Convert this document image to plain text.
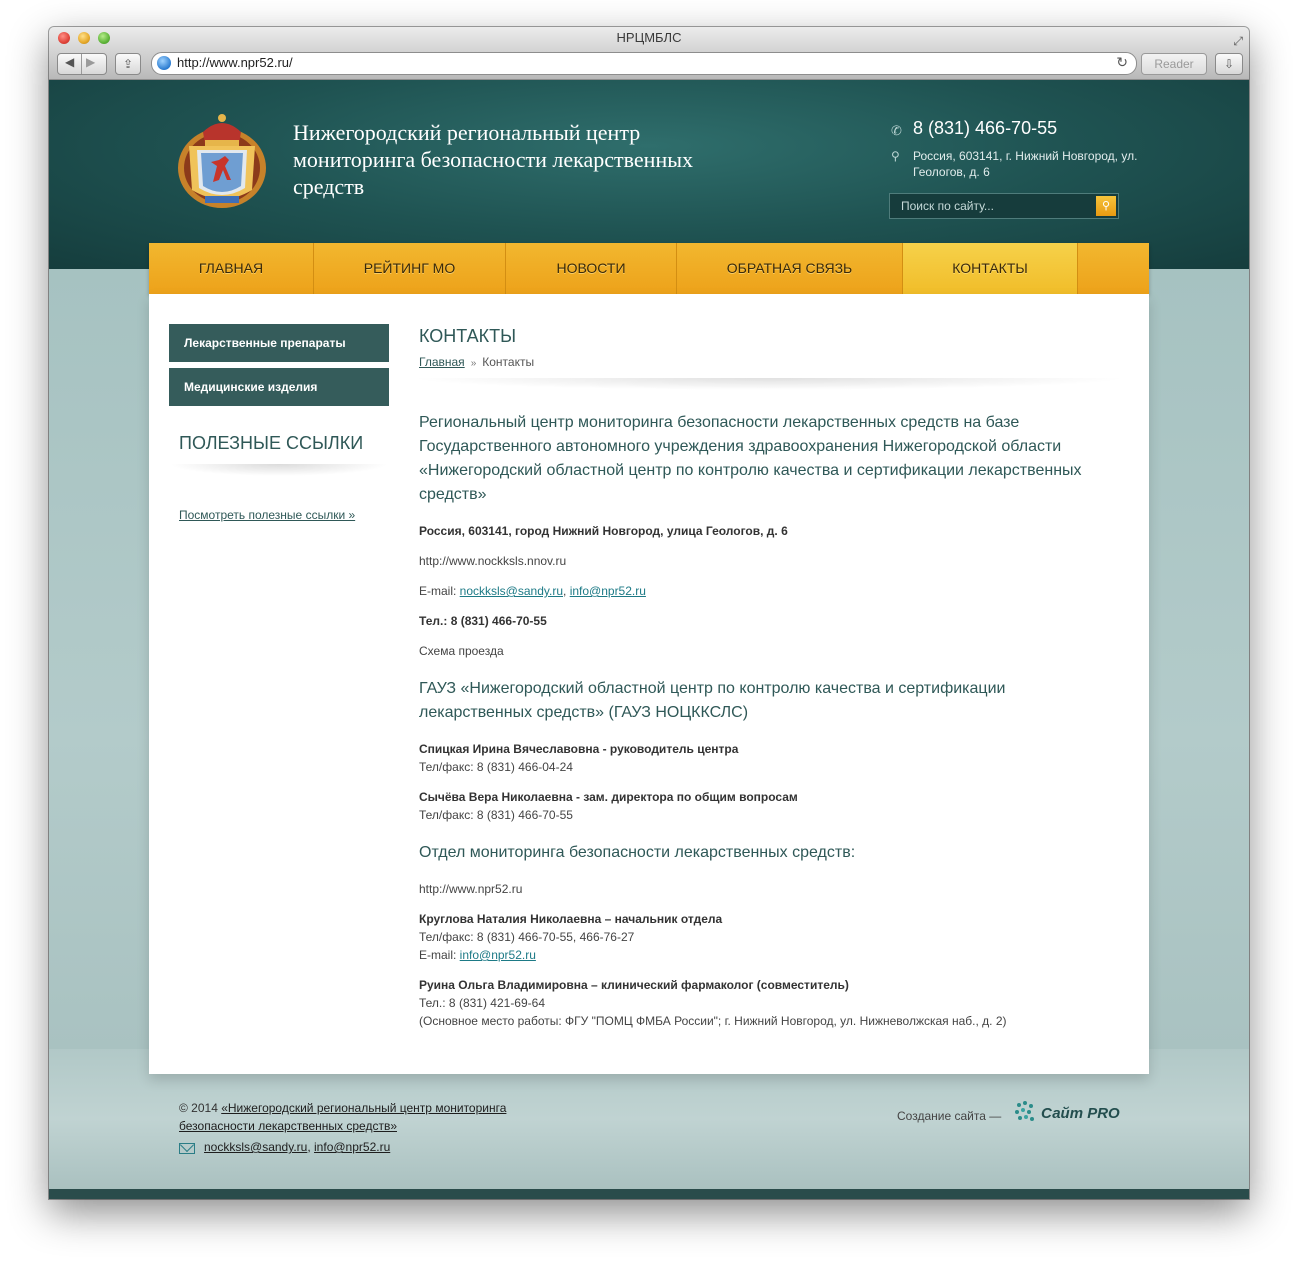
НРЦМБЛС	⤢
◀ ▶	⇪	http://www.npr52.ru/	↻	Reader	⇩
Нижегородский региональный центр мониторинга безопасности лекарственных средств
✆ 8 (831) 466-70-55
⚲ Россия, 603141, г. Нижний Новгород, ул. Геологов, д. 6
Поиск по сайту...
⚲
ГЛАВНАЯ	РЕЙТИНГ МО	НОВОСТИ	ОБРАТНАЯ СВЯЗЬ	КОНТАКТЫ
Лекарственные препараты
Медицинские изделия
ПОЛЕЗНЫЕ ССЫЛКИ
Посмотреть полезные ссылки »
КОНТАКТЫ
Главная » Контакты
Региональный центр мониторинга безопасности лекарственных средств на базе Государственного автономного учреждения здравоохранения Нижегородской области «Нижегородский областной центр по контролю качества и сертификации лекарственных средств»
Россия, 603141, город Нижний Новгород, улица Геологов, д. 6
http://www.nockksls.nnov.ru
E-mail: nockksls@sandy.ru, info@npr52.ru
Тел.: 8 (831) 466-70-55
Схема проезда
ГАУЗ «Нижегородский областной центр по контролю качества и сертификации лекарственных средств» (ГАУЗ НОЦККСЛС)
Спицкая Ирина Вячеславовна - руководитель центра
Тел/факс: 8 (831) 466-04-24
Сычёва Вера Николаевна - зам. директора по общим вопросам
Тел/факс: 8 (831) 466-70-55
Отдел мониторинга безопасности лекарственных средств:
http://www.npr52.ru
Круглова Наталия Николаевна – начальник отдела
Тел/факс: 8 (831) 466-70-55, 466-76-27
E-mail: info@npr52.ru
Руина Ольга Владимировна – клинический фармаколог (совместитель)
Тел.: 8 (831) 421-69-64
(Основное место работы: ФГУ "ПОМЦ ФМБА России"; г. Нижний Новгород, ул. Нижневолжская наб., д. 2)
© 2014 «Нижегородский региональный центр мониторинга безопасности лекарственных средств»
nockksls@sandy.ru, info@npr52.ru
Создание сайта —	Сайт PRO
